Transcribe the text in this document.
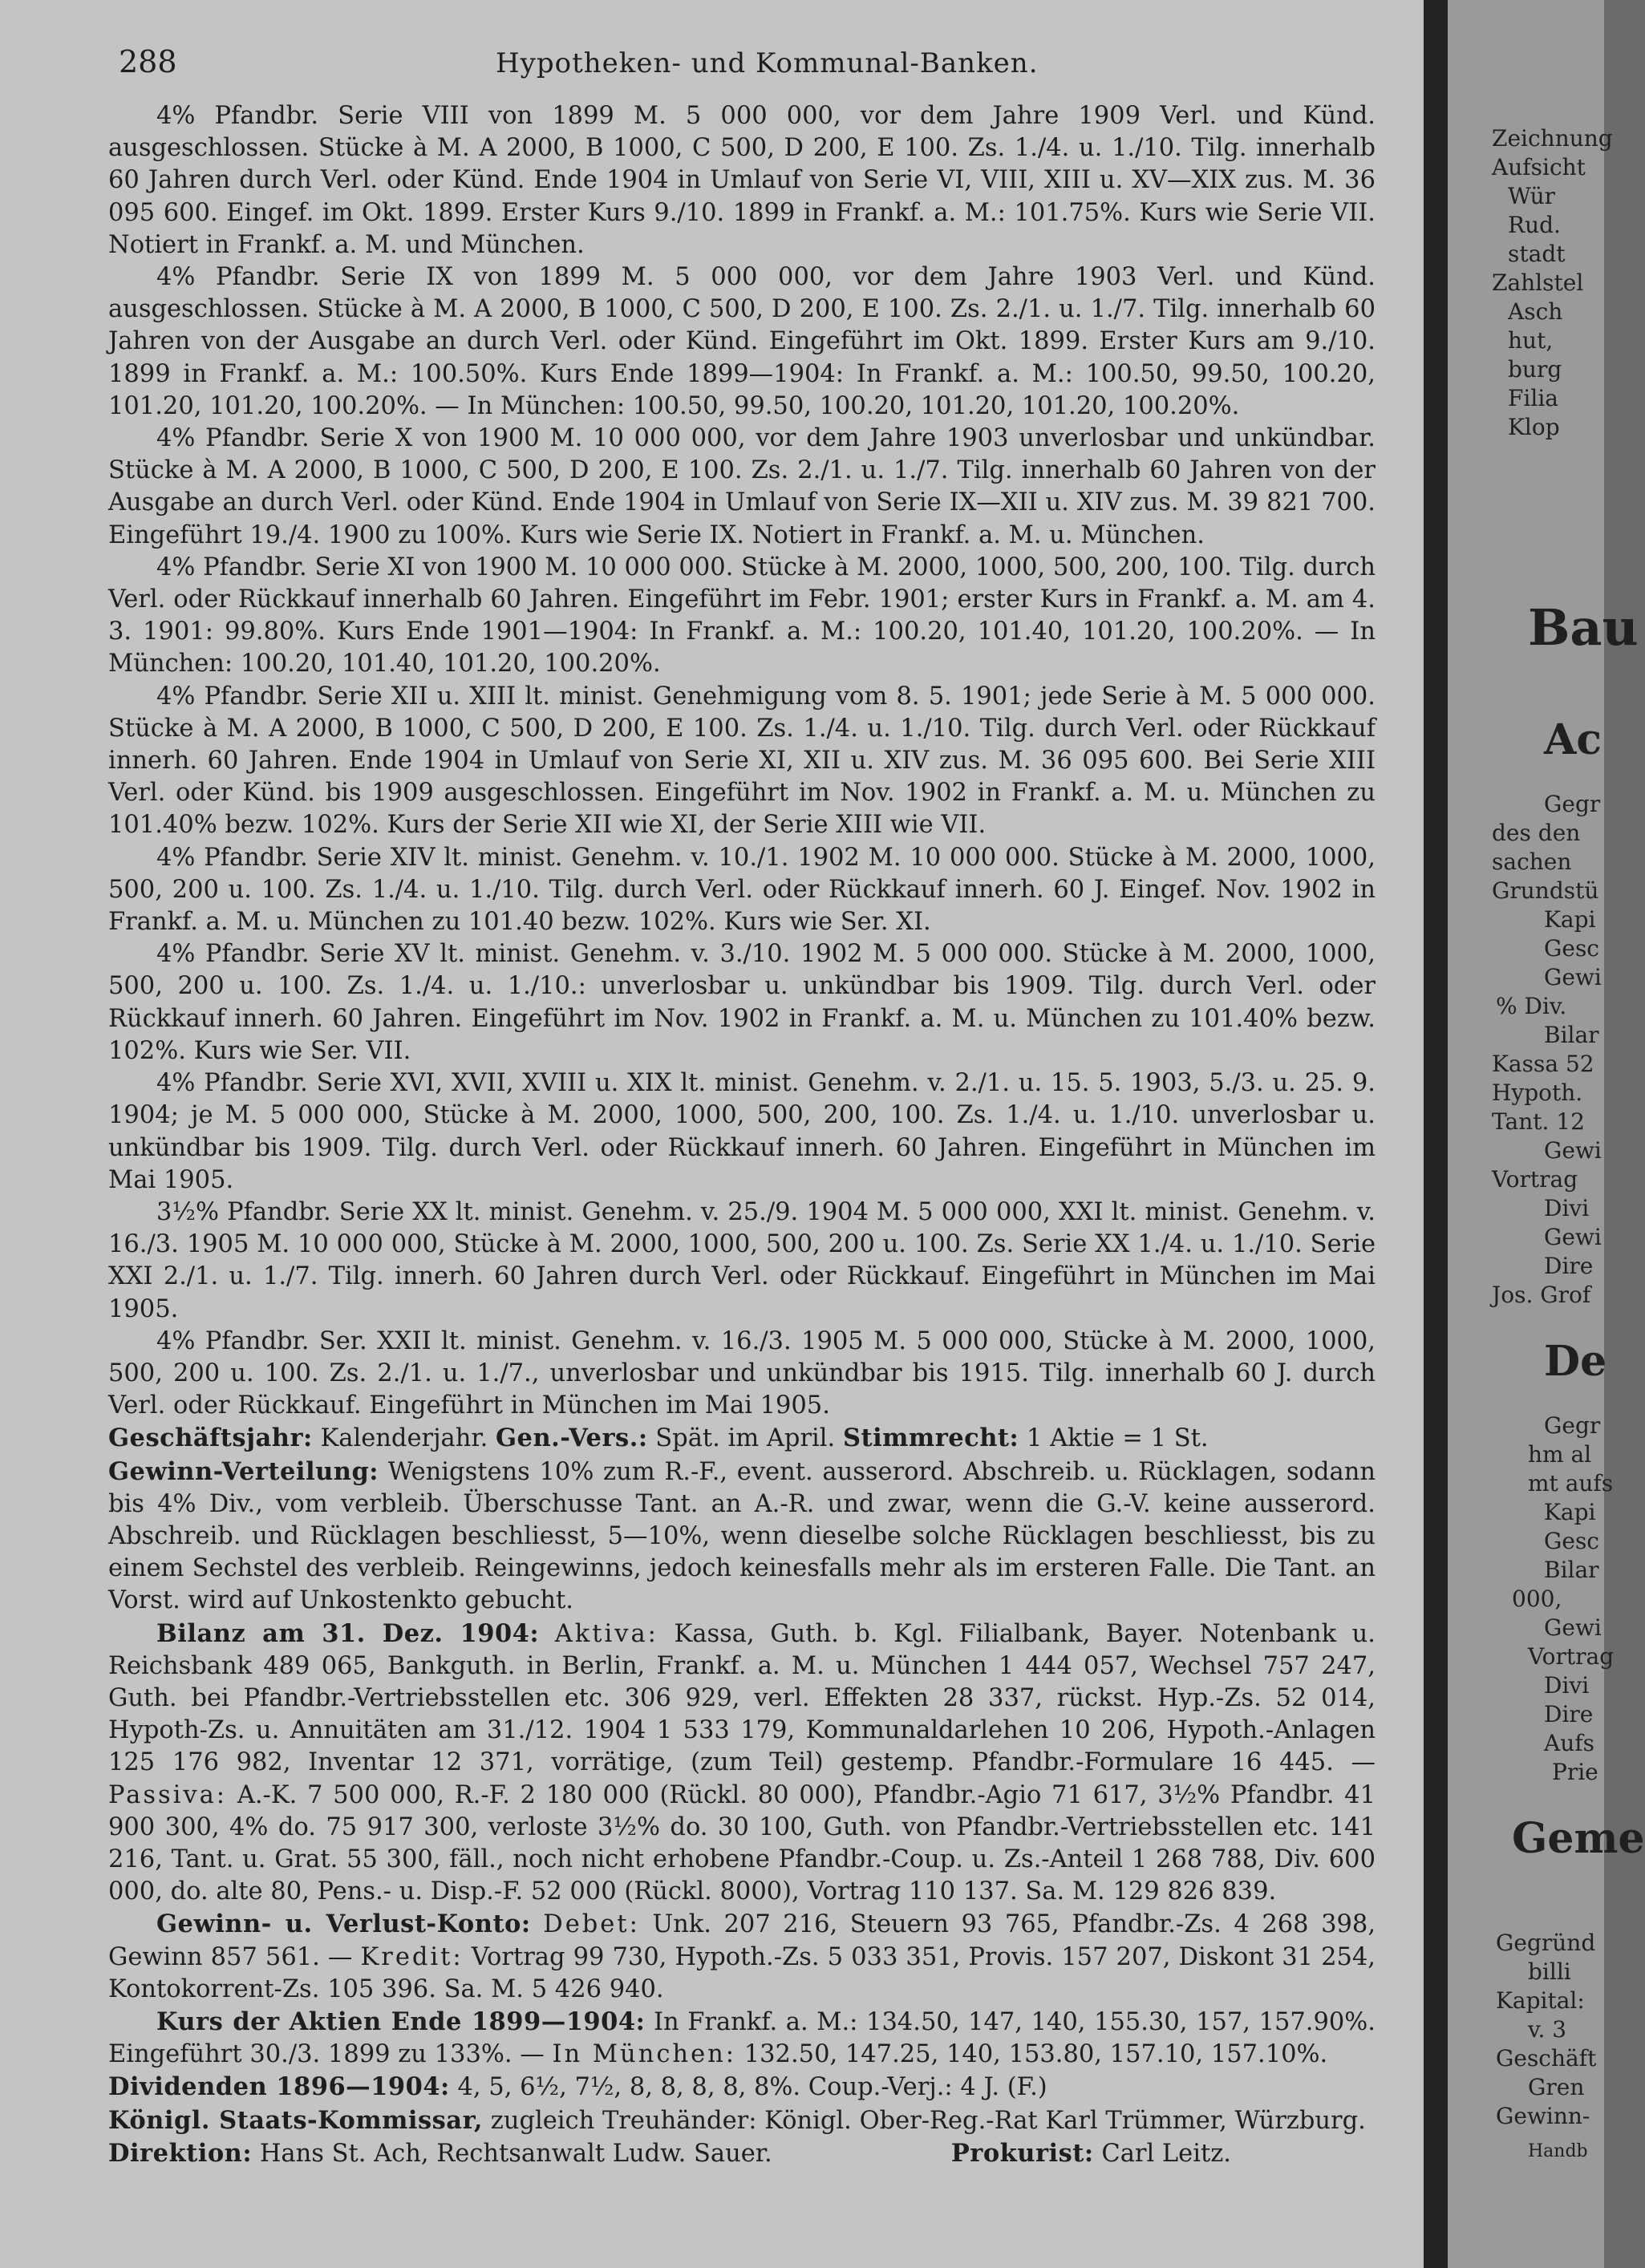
288	Hypotheken- und Kommunal-Banken.

4% Pfandbr. Serie VIII von 1899 M. 5 000 000, vor dem Jahre 1909 Verl. und Künd. ausgeschlossen. Stücke à M. A 2000, B 1000, C 500, D 200, E 100. Zs. 1./4. u. 1./10. Tilg. innerhalb 60 Jahren durch Verl. oder Künd. Ende 1904 in Umlauf von Serie VI, VIII, XIII u. XV—XIX zus. M. 36 095 600. Eingef. im Okt. 1899. Erster Kurs 9./10. 1899 in Frankf. a. M.: 101.75%. Kurs wie Serie VII. Notiert in Frankf. a. M. und München.

4% Pfandbr. Serie IX von 1899 M. 5 000 000, vor dem Jahre 1903 Verl. und Künd. ausgeschlossen. Stücke à M. A 2000, B 1000, C 500, D 200, E 100. Zs. 2./1. u. 1./7. Tilg. innerhalb 60 Jahren von der Ausgabe an durch Verl. oder Künd. Eingeführt im Okt. 1899. Erster Kurs am 9./10. 1899 in Frankf. a. M.: 100.50%. Kurs Ende 1899—1904: In Frankf. a. M.: 100.50, 99.50, 100.20, 101.20, 101.20, 100.20%. — In München: 100.50, 99.50, 100.20, 101.20, 101.20, 100.20%.

4% Pfandbr. Serie X von 1900 M. 10 000 000, vor dem Jahre 1903 unverlosbar und unkündbar. Stücke à M. A 2000, B 1000, C 500, D 200, E 100. Zs. 2./1. u. 1./7. Tilg. innerhalb 60 Jahren von der Ausgabe an durch Verl. oder Künd. Ende 1904 in Umlauf von Serie IX—XII u. XIV zus. M. 39 821 700. Eingeführt 19./4. 1900 zu 100%. Kurs wie Serie IX. Notiert in Frankf. a. M. u. München.

4% Pfandbr. Serie XI von 1900 M. 10 000 000. Stücke à M. 2000, 1000, 500, 200, 100. Tilg. durch Verl. oder Rückkauf innerhalb 60 Jahren. Eingeführt im Febr. 1901; erster Kurs in Frankf. a. M. am 4. 3. 1901: 99.80%. Kurs Ende 1901—1904: In Frankf. a. M.: 100.20, 101.40, 101.20, 100.20%. — In München: 100.20, 101.40, 101.20, 100.20%.

4% Pfandbr. Serie XII u. XIII lt. minist. Genehmigung vom 8. 5. 1901; jede Serie à M. 5 000 000. Stücke à M. A 2000, B 1000, C 500, D 200, E 100. Zs. 1./4. u. 1./10. Tilg. durch Verl. oder Rückkauf innerh. 60 Jahren. Ende 1904 in Umlauf von Serie XI, XII u. XIV zus. M. 36 095 600. Bei Serie XIII Verl. oder Künd. bis 1909 ausgeschlossen. Eingeführt im Nov. 1902 in Frankf. a. M. u. München zu 101.40% bezw. 102%. Kurs der Serie XII wie XI, der Serie XIII wie VII.

4% Pfandbr. Serie XIV lt. minist. Genehm. v. 10./1. 1902 M. 10 000 000. Stücke à M. 2000, 1000, 500, 200 u. 100. Zs. 1./4. u. 1./10. Tilg. durch Verl. oder Rückkauf innerh. 60 J. Eingef. Nov. 1902 in Frankf. a. M. u. München zu 101.40 bezw. 102%. Kurs wie Ser. XI.

4% Pfandbr. Serie XV lt. minist. Genehm. v. 3./10. 1902 M. 5 000 000. Stücke à M. 2000, 1000, 500, 200 u. 100. Zs. 1./4. u. 1./10.: unverlosbar u. unkündbar bis 1909. Tilg. durch Verl. oder Rückkauf innerh. 60 Jahren. Eingeführt im Nov. 1902 in Frankf. a. M. u. München zu 101.40% bezw. 102%. Kurs wie Ser. VII.

4% Pfandbr. Serie XVI, XVII, XVIII u. XIX lt. minist. Genehm. v. 2./1. u. 15. 5. 1903, 5./3. u. 25. 9. 1904; je M. 5 000 000, Stücke à M. 2000, 1000, 500, 200, 100. Zs. 1./4. u. 1./10. unverlosbar u. unkündbar bis 1909. Tilg. durch Verl. oder Rückkauf innerh. 60 Jahren. Eingeführt in München im Mai 1905.

3½% Pfandbr. Serie XX lt. minist. Genehm. v. 25./9. 1904 M. 5 000 000, XXI lt. minist. Genehm. v. 16./3. 1905 M. 10 000 000, Stücke à M. 2000, 1000, 500, 200 u. 100. Zs. Serie XX 1./4. u. 1./10. Serie XXI 2./1. u. 1./7. Tilg. innerh. 60 Jahren durch Verl. oder Rückkauf. Eingeführt in München im Mai 1905.

4% Pfandbr. Ser. XXII lt. minist. Genehm. v. 16./3. 1905 M. 5 000 000, Stücke à M. 2000, 1000, 500, 200 u. 100. Zs. 2./1. u. 1./7., unverlosbar und unkündbar bis 1915. Tilg. innerhalb 60 J. durch Verl. oder Rückkauf. Eingeführt in München im Mai 1905.

Geschäftsjahr: Kalenderjahr. Gen.-Vers.: Spät. im April. Stimmrecht: 1 Aktie = 1 St.

Gewinn-Verteilung: Wenigstens 10% zum R.-F., event. ausserord. Abschreib. u. Rücklagen, sodann bis 4% Div., vom verbleib. Überschusse Tant. an A.-R. und zwar, wenn die G.-V. keine ausserord. Abschreib. und Rücklagen beschliesst, 5—10%, wenn dieselbe solche Rücklagen beschliesst, bis zu einem Sechstel des verbleib. Reingewinns, jedoch keinesfalls mehr als im ersteren Falle. Die Tant. an Vorst. wird auf Unkostenkto gebucht.

Bilanz am 31. Dez. 1904: Aktiva: Kassa, Guth. b. Kgl. Filialbank, Bayer. Notenbank u. Reichsbank 489 065, Bankguth. in Berlin, Frankf. a. M. u. München 1 444 057, Wechsel 757 247, Guth. bei Pfandbr.-Vertriebsstellen etc. 306 929, verl. Effekten 28 337, rückst. Hyp.-Zs. 52 014, Hypoth-Zs. u. Annuitäten am 31./12. 1904 1 533 179, Kommunaldarlehen 10 206, Hypoth.-Anlagen 125 176 982, Inventar 12 371, vorrätige, (zum Teil) gestemp. Pfandbr.-Formulare 16 445. — Passiva: A.-K. 7 500 000, R.-F. 2 180 000 (Rückl. 80 000), Pfandbr.-Agio 71 617, 3½% Pfandbr. 41 900 300, 4% do. 75 917 300, verloste 3½% do. 30 100, Guth. von Pfandbr.-Vertriebsstellen etc. 141 216, Tant. u. Grat. 55 300, fäll., noch nicht erhobene Pfandbr.-Coup. u. Zs.-Anteil 1 268 788, Div. 600 000, do. alte 80, Pens.- u. Disp.-F. 52 000 (Rückl. 8000), Vortrag 110 137. Sa. M. 129 826 839.

Gewinn- u. Verlust-Konto: Debet: Unk. 207 216, Steuern 93 765, Pfandbr.-Zs. 4 268 398, Gewinn 857 561. — Kredit: Vortrag 99 730, Hypoth.-Zs. 5 033 351, Provis. 157 207, Diskont 31 254, Kontokorrent-Zs. 105 396. Sa. M. 5 426 940.

Kurs der Aktien Ende 1899—1904: In Frankf. a. M.: 134.50, 147, 140, 155.30, 157, 157.90%. Eingeführt 30./3. 1899 zu 133%. — In München: 132.50, 147.25, 140, 153.80, 157.10, 157.10%.

Dividenden 1896—1904: 4, 5, 6½, 7½, 8, 8, 8, 8, 8%. Coup.-Verj.: 4 J. (F.)

Königl. Staats-Kommissar, zugleich Treuhänder: Königl. Ober-Reg.-Rat Karl Trümmer, Würzburg.

Direktion: Hans St. Ach, Rechtsanwalt Ludw. Sauer.	Prokurist: Carl Leitz.

Zeichnung
Aufsicht
Wür
Rud.
stadt
Zahlstel
Asch
hut,
burg
Filia
Klop
Bau
Ac
Gegr
des den
sachen
Grundstü
Kapi
Gesc
Gewi
% Div.
Bilar
Kassa 52
Hypoth.
Tant. 12
Gewi
Vortrag
Divi
Gewi
Dire
Jos. Grof
De
Gegr
hm al
mt aufs
Kapi
Gesc
Bilar
000,
Gewi
Vortrag
Divi
Dire
Aufs
Prie
Geme
Gegründ
billi
Kapital:
v. 3
Geschäft
Gren
Gewinn-
Handb
